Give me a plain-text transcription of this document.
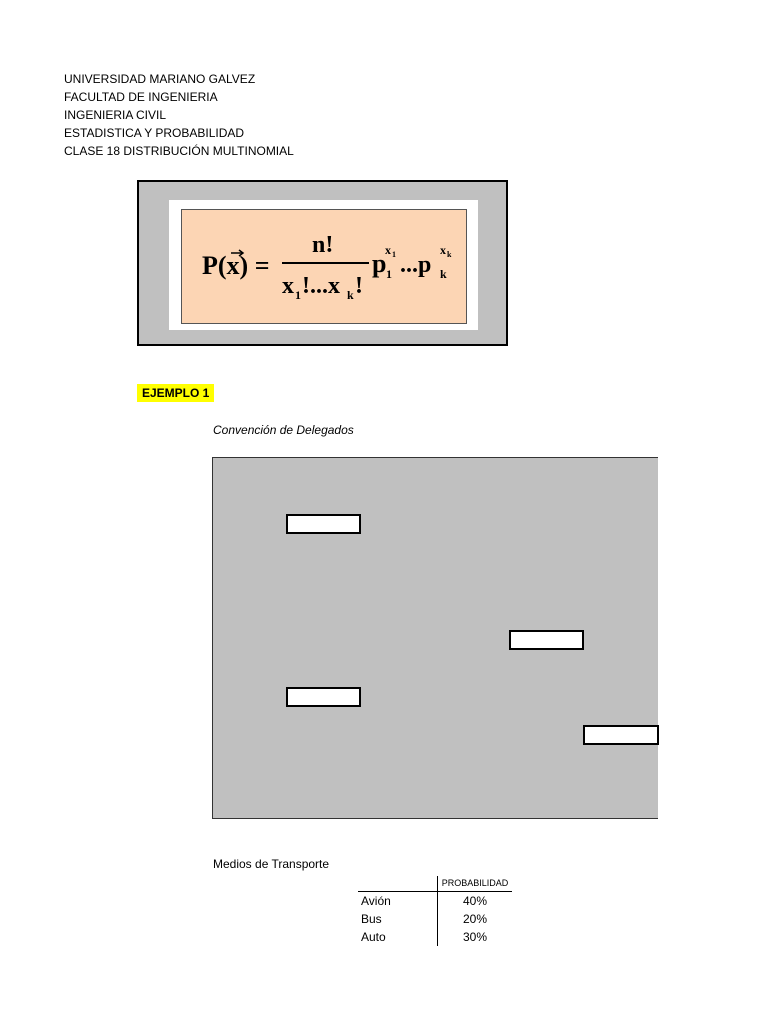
UNIVERSIDAD MARIANO GALVEZ
FACULTAD DE INGENIERIA
INGENIERIA CIVIL
ESTADISTICA Y PROBABILIDAD
CLASE 18 DISTRIBUCIÓN MULTINOMIAL
P(x) =
n!
x 1 !...x k !
p 1
x 1 ...p k
x k
EJEMPLO 1
Convención de Delegados
Medios de Transporte
	PROBABILIDAD
Avión	40%
Bus	20%
Auto	30%
